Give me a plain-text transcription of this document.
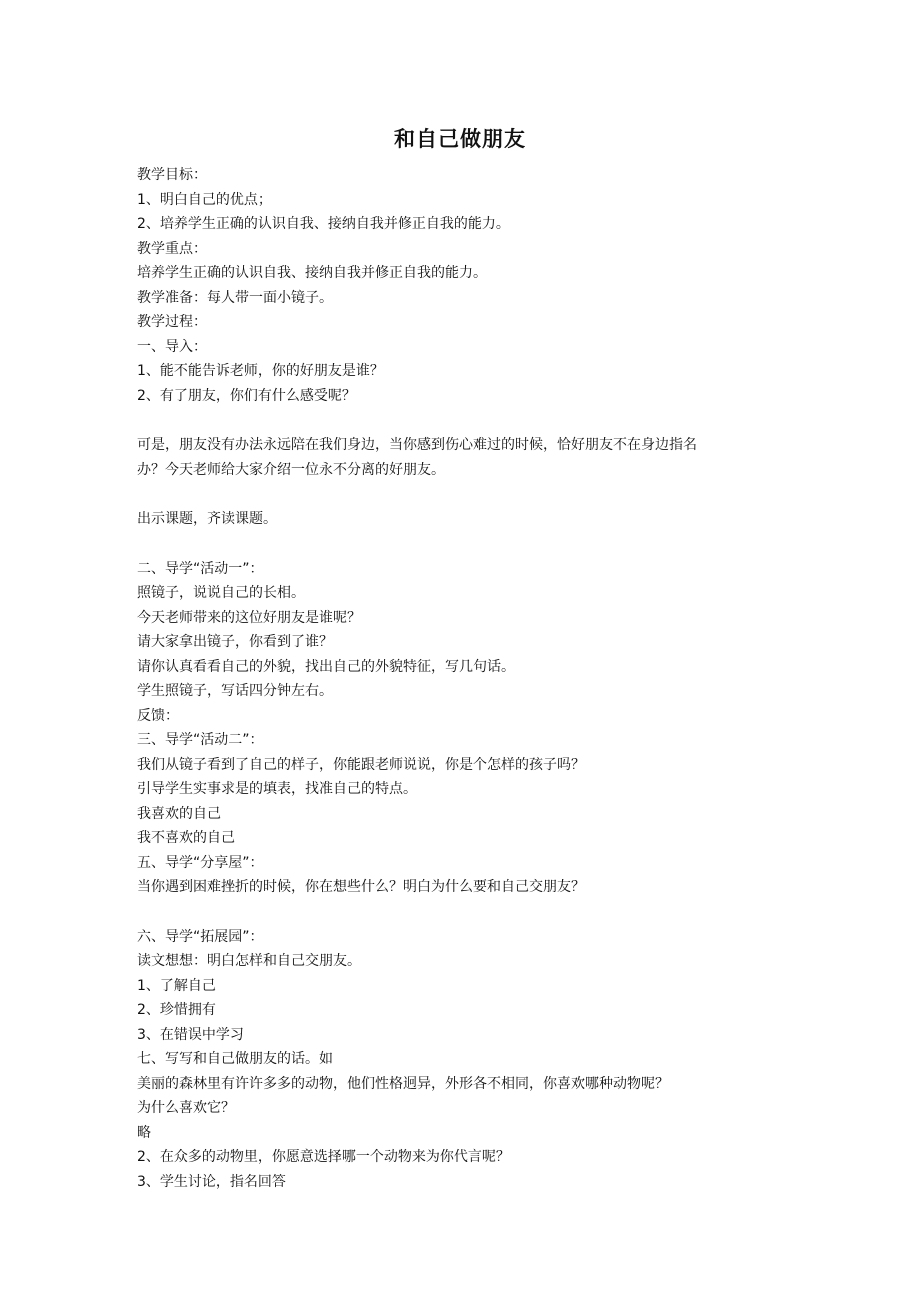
和自己做朋友
教学目标：
1、明白自己的优点；
2、培养学生正确的认识自我、接纳自我并修正自我的能力。
教学重点：
培养学生正确的认识自我、接纳自我并修正自我的能力。
教学准备：每人带一面小镜子。
教学过程：
一、导入：
1、能不能告诉老师，你的好朋友是谁？
2、有了朋友，你们有什么感受呢？
可是，朋友没有办法永远陪在我们身边，当你感到伤心难过的时候，恰好朋友不在身边指名
办？今天老师给大家介绍一位永不分离的好朋友。
出示课题，齐读课题。
二、导学“活动一”：
照镜子，说说自己的长相。
今天老师带来的这位好朋友是谁呢？
请大家拿出镜子，你看到了谁？
请你认真看看自己的外貌，找出自己的外貌特征，写几句话。
学生照镜子，写话四分钟左右。
反馈：
三、导学“活动二”：
我们从镜子看到了自己的样子，你能跟老师说说，你是个怎样的孩子吗？
引导学生实事求是的填表，找准自己的特点。
我喜欢的自己
我不喜欢的自己
五、导学“分享屋”：
当你遇到困难挫折的时候，你在想些什么？明白为什么要和自己交朋友？
六、导学“拓展园”：
读文想想：明白怎样和自己交朋友。
1、了解自己
2、珍惜拥有
3、在错误中学习
七、写写和自己做朋友的话。如
美丽的森林里有许许多多的动物，他们性格迥异，外形各不相同，你喜欢哪种动物呢？
为什么喜欢它？
略
2、在众多的动物里，你愿意选择哪一个动物来为你代言呢？
3、学生讨论，指名回答
